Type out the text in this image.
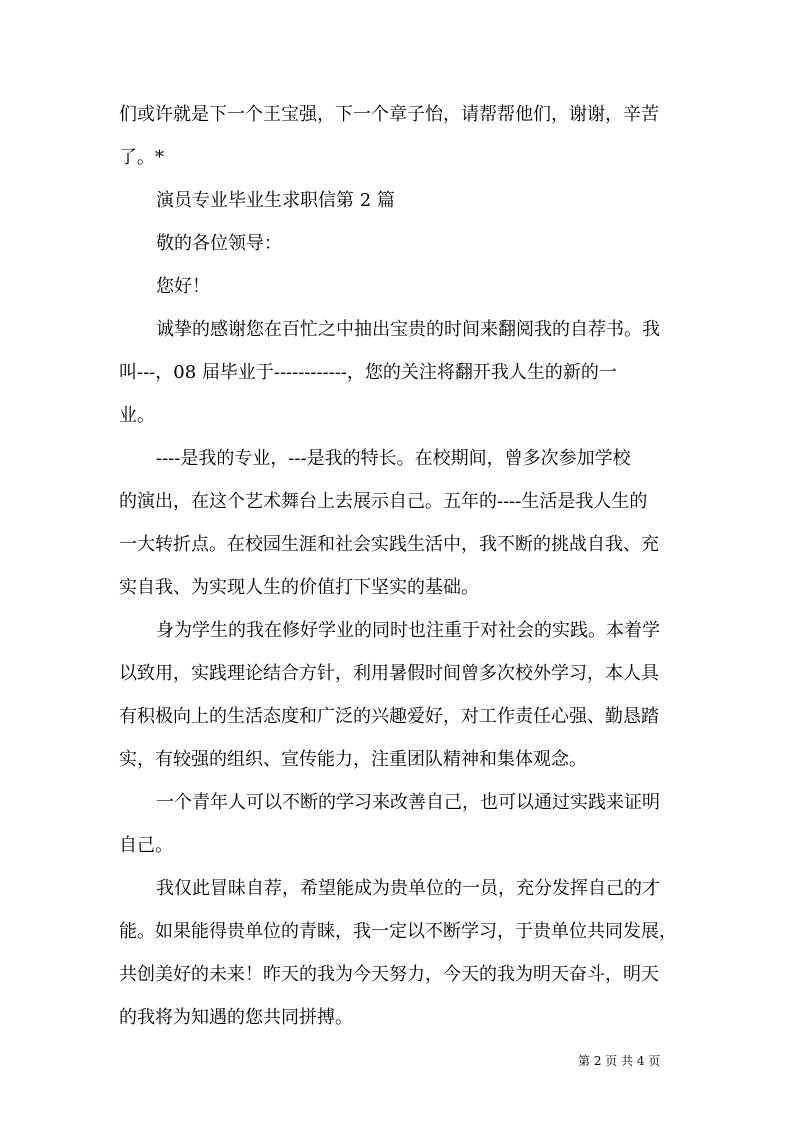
们或许就是下一个王宝强，下一个章子怡，请帮帮他们，谢谢，辛苦
了。*
演员专业毕业生求职信第 2 篇
敬的各位领导：
您好！
诚挚的感谢您在百忙之中抽出宝贵的时间来翻阅我的自荐书。我
叫---，08 届毕业于------------，您的关注将翻开我人生的新的一
业。
----是我的专业，---是我的特长。在校期间，曾多次参加学校
的演出，在这个艺术舞台上去展示自己。五年的----生活是我人生的
一大转折点。在校园生涯和社会实践生活中，我不断的挑战自我、充
实自我、为实现人生的价值打下坚实的基础。
身为学生的我在修好学业的同时也注重于对社会的实践。本着学
以致用，实践理论结合方针，利用暑假时间曾多次校外学习，本人具
有积极向上的生活态度和广泛的兴趣爱好，对工作责任心强、勤恳踏
实，有较强的组织、宣传能力，注重团队精神和集体观念。
一个青年人可以不断的学习来改善自己，也可以通过实践来证明
自己。
我仅此冒昧自荐，希望能成为贵单位的一员，充分发挥自己的才
能。如果能得贵单位的青睐，我一定以不断学习，于贵单位共同发展，
共创美好的未来！昨天的我为今天努力，今天的我为明天奋斗，明天
的我将为知遇的您共同拼搏。

第 2 页 共 4 页
